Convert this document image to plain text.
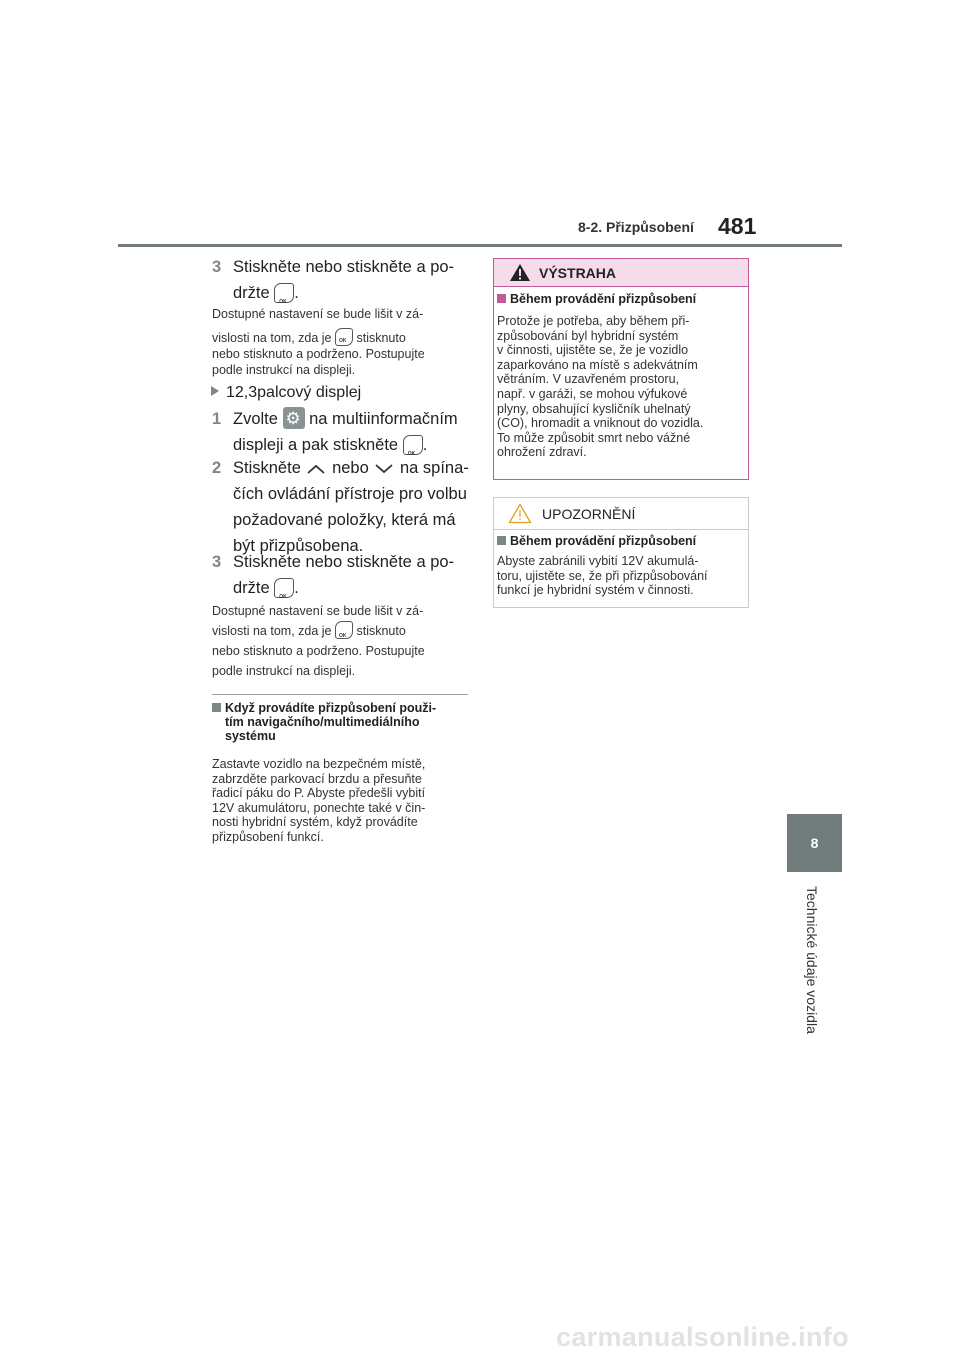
8-2. Přizpůsobení 481
8
Technické údaje vozidla
3 Stiskněte nebo stiskněte a po-
držte OK .
Dostupné nastavení se bude lišit v zá-
vislosti na tom, zda je OK stisknuto
nebo stisknuto a podrženo. Postupujte
podle instrukcí na displeji.
12,3palcový displej
1 Zvolte ⚙ na multiinformačním
displeji a pak stiskněte OK .
2 Stiskněte nebo na spína-
čích ovládání přístroje pro volbu
požadované položky, která má
být přizpůsobena.
3 Stiskněte nebo stiskněte a po-
držte OK .
Dostupné nastavení se bude lišit v zá-
vislosti na tom, zda je OK stisknuto
nebo stisknuto a podrženo. Postupujte
podle instrukcí na displeji.
Když provádíte přizpůsobení použi-
tím navigačního/multimediálního
systému
Zastavte vozidlo na bezpečném místě,
zabrzděte parkovací brzdu a přesuňte
řadicí páku do P. Abyste předešli vybití
12V akumulátoru, ponechte také v čin-
nosti hybridní systém, když provádíte
přizpůsobení funkcí.
VÝSTRAHA
Během provádění přizpůsobení
Protože je potřeba, aby během při-
způsobování byl hybridní systém
v činnosti, ujistěte se, že je vozidlo
zaparkováno na místě s adekvátním
větráním. V uzavřeném prostoru,
např. v garáži, se mohou výfukové
plyny, obsahující kysličník uhelnatý
(CO), hromadit a vniknout do vozidla.
To může způsobit smrt nebo vážné
ohrožení zdraví.
UPOZORNĚNÍ
Během provádění přizpůsobení
Abyste zabránili vybití 12V akumulá-
toru, ujistěte se, že při přizpůsobování
funkcí je hybridní systém v činnosti.
carmanualsonline.info
